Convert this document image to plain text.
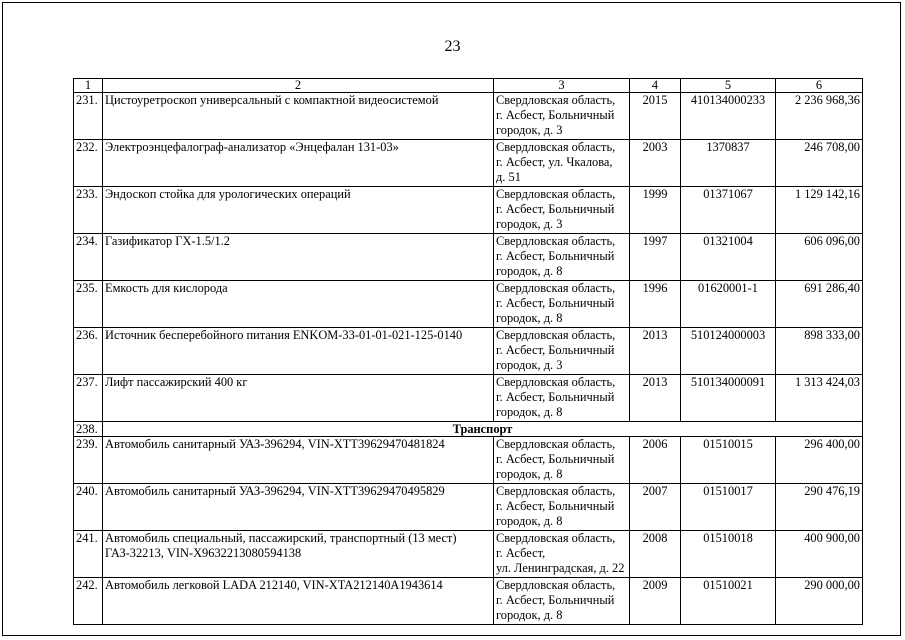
23
1	2	3	4	5	6
231.	Цистоуретроскоп универсальный с компактной видеосистемой	Свердловская область,
г. Асбест, Больничный
городок, д. 3	2015	410134000233	2 236 968,36
232.	Электроэнцефалограф-анализатор «Энцефалан 131-03»	Свердловская область,
г. Асбест, ул. Чкалова,
д. 51	2003	1370837	246 708,00
233.	Эндоскоп стойка для урологических операций	Свердловская область,
г. Асбест, Больничный
городок, д. 3	1999	01371067	1 129 142,16
234.	Газификатор ГХ-1.5/1.2	Свердловская область,
г. Асбест, Больничный
городок, д. 8	1997	01321004	606 096,00
235.	Емкость для кислорода	Свердловская область,
г. Асбест, Больничный
городок, д. 8	1996	01620001-1	691 286,40
236.	Источник бесперебойного питания ENKOM-33-01-01-021-125-0140	Свердловская область,
г. Асбест, Больничный
городок, д. 3	2013	510124000003	898 333,00
237.	Лифт пассажирский 400 кг	Свердловская область,
г. Асбест, Больничный
городок, д. 8	2013	510134000091	1 313 424,03
238.	Транспорт				
239.	Автомобиль санитарный УАЗ-396294, VIN-XTT39629470481824	Свердловская область,
г. Асбест, Больничный
городок, д. 8	2006	01510015	296 400,00
240.	Автомобиль санитарный УАЗ-396294, VIN-XTT39629470495829	Свердловская область,
г. Асбест, Больничный
городок, д. 8	2007	01510017	290 476,19
241.	Автомобиль специальный, пассажирский, транспортный (13 мест)
ГАЗ-32213, VIN-X9632213080594138	Свердловская область,
г. Асбест,
ул. Ленинградская, д. 22	2008	01510018	400 900,00
242.	Автомобиль легковой LADA 212140, VIN-XTA212140A1943614	Свердловская область,
г. Асбест, Больничный
городок, д. 8	2009	01510021	290 000,00
